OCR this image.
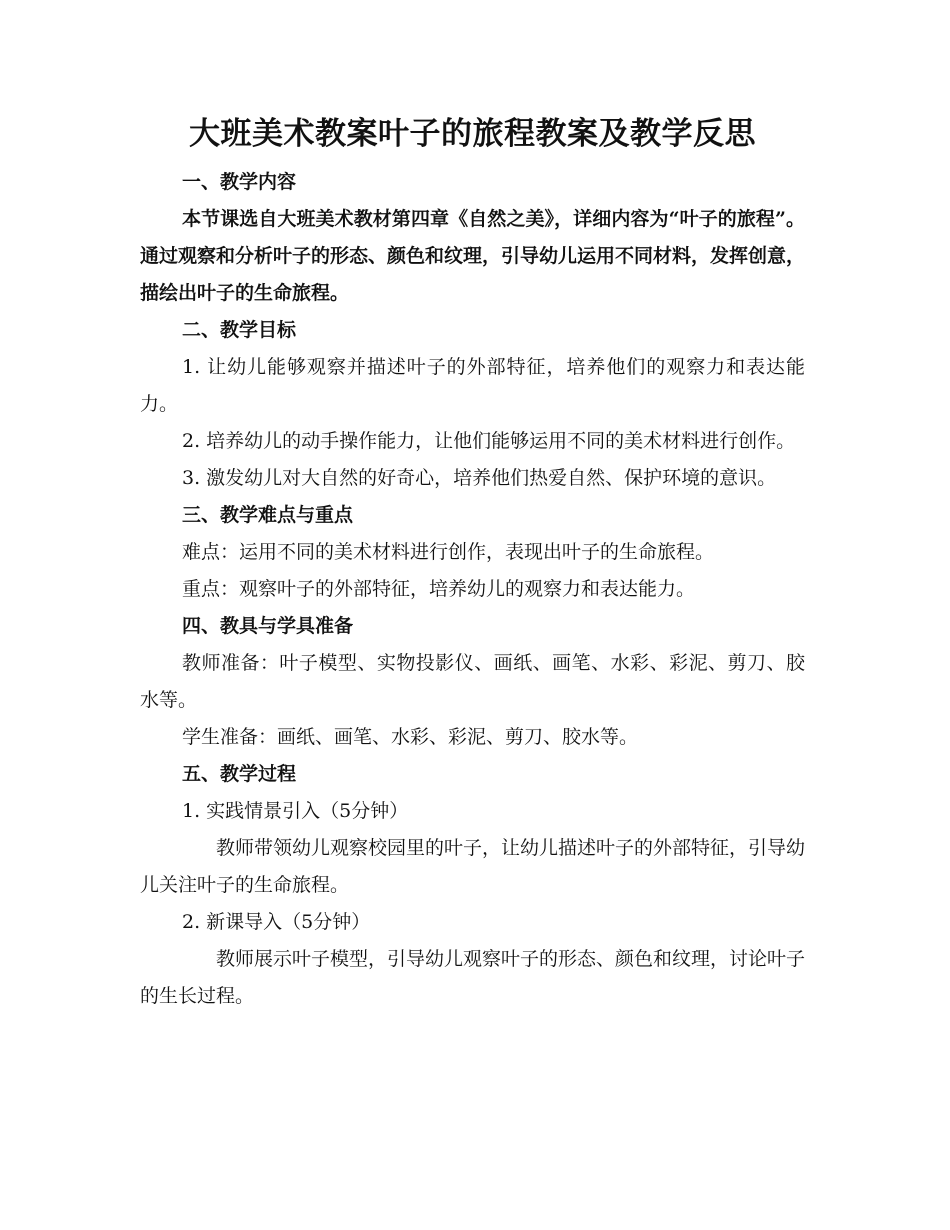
大班美术教案叶子的旅程教案及教学反思

一、教学内容

本节课选自大班美术教材第四章《自然之美》，详细内容为“叶子的旅程”。通过观察和分析叶子的形态、颜色和纹理，引导幼儿运用不同材料，发挥创意，描绘出叶子的生命旅程。

二、教学目标

1. 让幼儿能够观察并描述叶子的外部特征，培养他们的观察力和表达能力。

2. 培养幼儿的动手操作能力，让他们能够运用不同的美术材料进行创作。

3. 激发幼儿对大自然的好奇心，培养他们热爱自然、保护环境的意识。

三、教学难点与重点

难点：运用不同的美术材料进行创作，表现出叶子的生命旅程。

重点：观察叶子的外部特征，培养幼儿的观察力和表达能力。

四、教具与学具准备

教师准备：叶子模型、实物投影仪、画纸、画笔、水彩、彩泥、剪刀、胶水等。

学生准备：画纸、画笔、水彩、彩泥、剪刀、胶水等。

五、教学过程

1. 实践情景引入（5分钟）

教师带领幼儿观察校园里的叶子，让幼儿描述叶子的外部特征，引导幼儿关注叶子的生命旅程。

2. 新课导入（5分钟）

教师展示叶子模型，引导幼儿观察叶子的形态、颜色和纹理，讨论叶子的生长过程。
